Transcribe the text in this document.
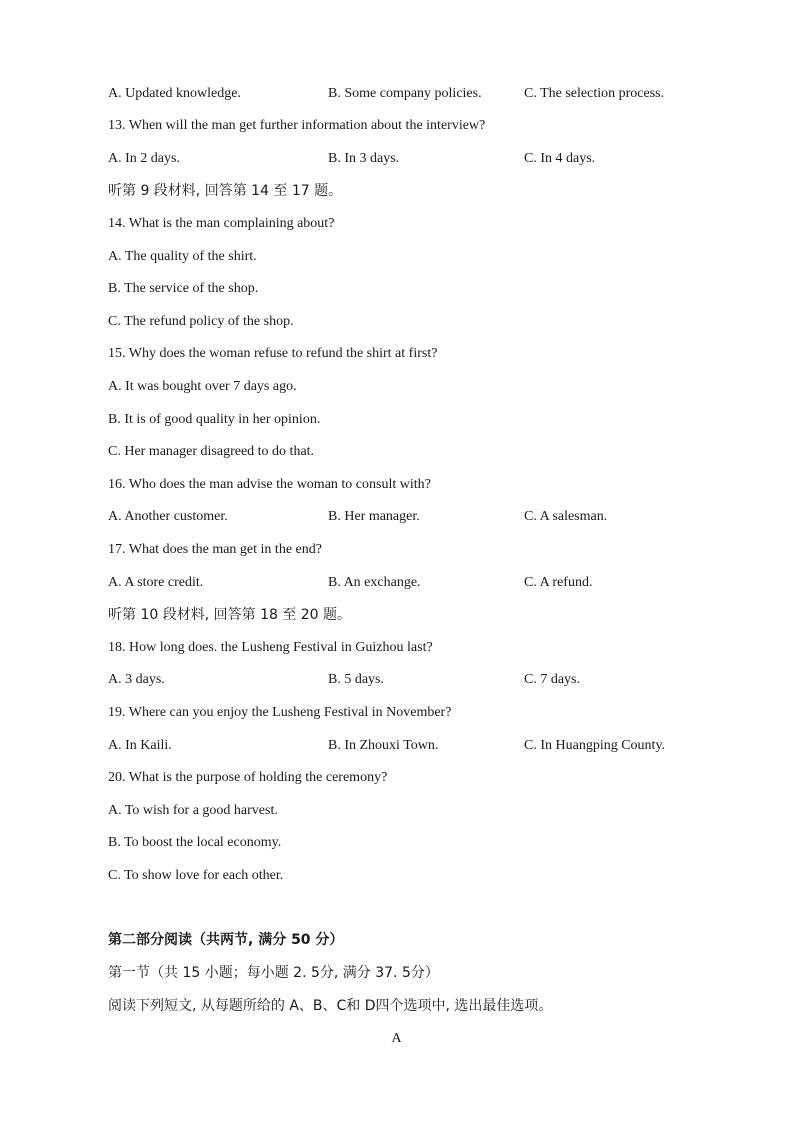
A. Updated knowledge.	B. Some company policies.	C. The selection process.
13. When will the man get further information about the interview?
A. In 2 days.	B. In 3 days.	C. In 4 days.
听第 9 段材料, 回答第 14 至 17 题。
14. What is the man complaining about?
A. The quality of the shirt.
B. The service of the shop.
C. The refund policy of the shop.
15. Why does the woman refuse to refund the shirt at first?
A. It was bought over 7 days ago.
B. It is of good quality in her opinion.
C. Her manager disagreed to do that.
16. Who does the man advise the woman to consult with?
A. Another customer.	B. Her manager.	C. A salesman.
17. What does the man get in the end?
A. A store credit.	B. An exchange.	C. A refund.
听第 10 段材料, 回答第 18 至 20 题。
18. How long does. the Lusheng Festival in Guizhou last?
A. 3 days.	B. 5 days.	C. 7 days.
19. Where can you enjoy the Lusheng Festival in November?
A. In Kaili.	B. In Zhouxi Town.	C. In Huangping County.
20. What is the purpose of holding the ceremony?
A. To wish for a good harvest.
B. To boost the local economy.
C. To show love for each other.
第二部分阅读（共两节, 满分 50 分）
第一节（共 15 小题；每小题 2. 5分, 满分 37. 5分）
阅读下列短文, 从每题所给的 A、B、C和 D四个选项中, 选出最佳选项。
A
